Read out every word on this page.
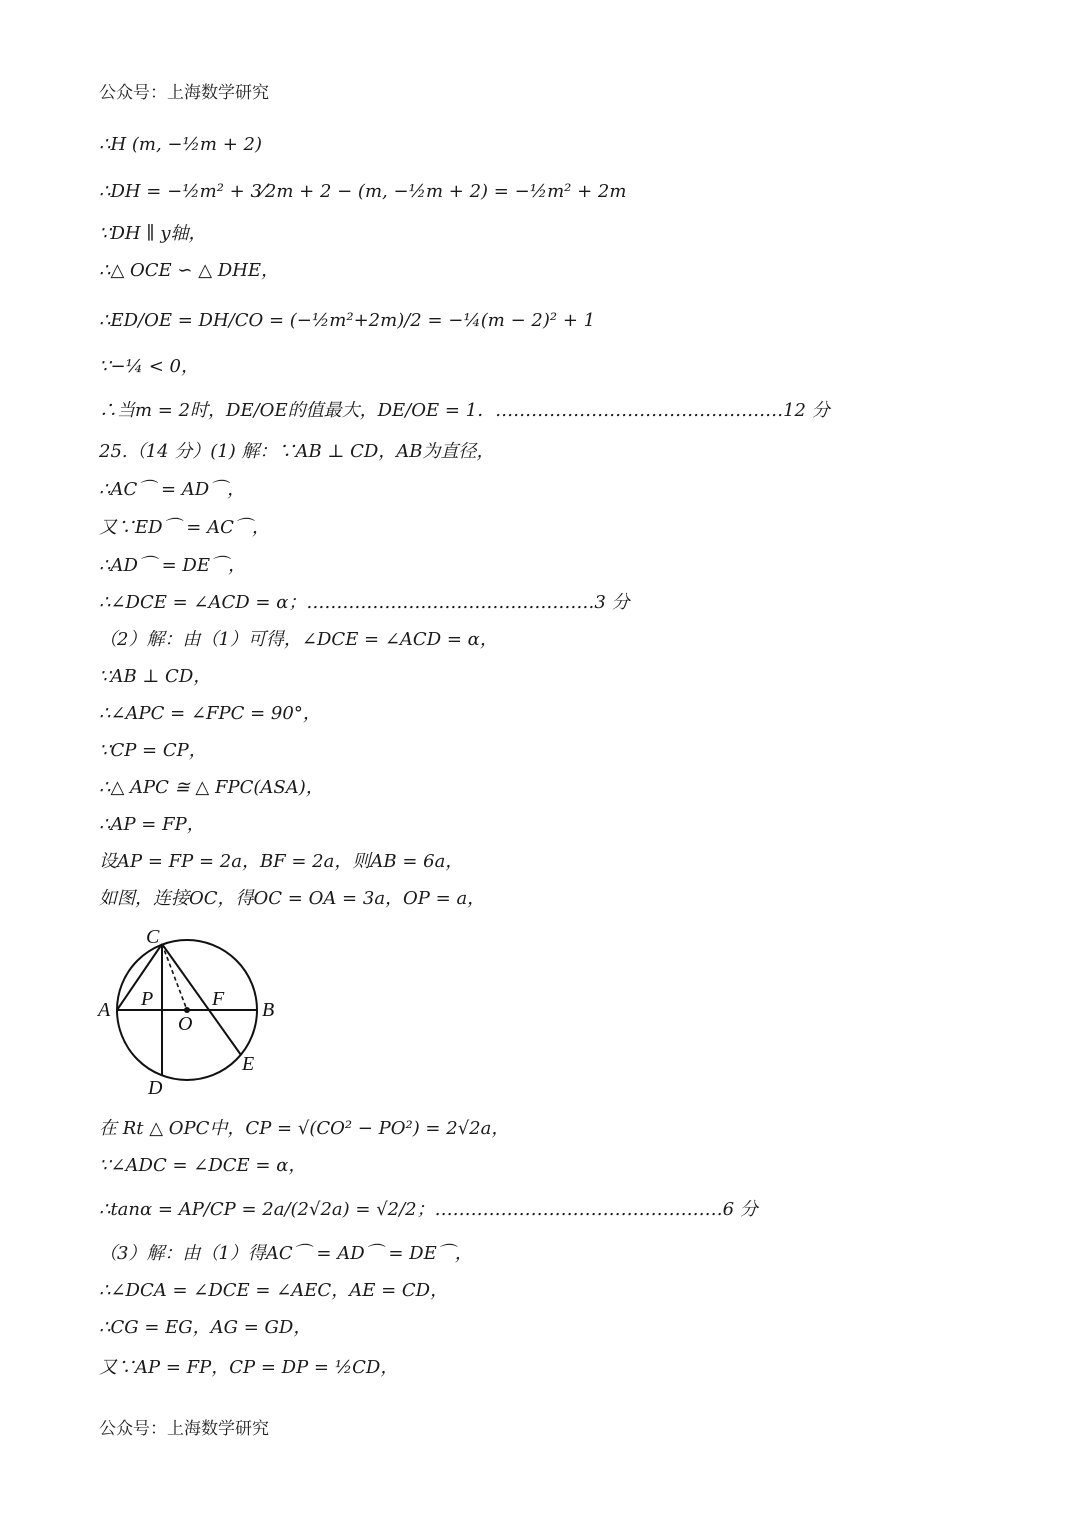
公众号：上海数学研究
∴H (m, −½m + 2)
∴DH = −½m² + 3⁄2m + 2 − (m, −½m + 2) = −½m² + 2m
∵DH ∥ y轴，
∴△ OCE ∽ △ DHE，
∴ED/OE = DH/CO = (−½m²+2m)/2 = −¼(m − 2)² + 1
∵−¼ < 0，
∴当m = 2时，DE/OE的值最大，DE/OE = 1．…………………………………………12 分
25.（14 分）(1) 解：∵AB ⊥ CD，AB为直径，
∴AC⌒ = AD⌒，
又∵ED⌒ = AC⌒，
∴AD⌒ = DE⌒，
∴∠DCE = ∠ACD = α；…………………………………………3 分
（2）解：由（1）可得，∠DCE = ∠ACD = α，
∵AB ⊥ CD，
∴∠APC = ∠FPC = 90°，
∵CP = CP，
∴△ APC ≅ △ FPC(ASA)，
∴AP = FP，
设AP = FP = 2a，BF = 2a，则AB = 6a，
如图，连接OC，得OC = OA = 3a，OP = a，
C
P	F
A
O
B
E
D
在 Rt △ OPC中，CP = √(CO² − PO²) = 2√2a，
∵∠ADC = ∠DCE = α，
∴tanα = AP/CP = 2a/(2√2a) = √2/2；…………………………………………6 分
（3）解：由（1）得AC⌒ = AD⌒ = DE⌒，
∴∠DCA = ∠DCE = ∠AEC，AE = CD，
∴CG = EG，AG = GD，
又∵AP = FP，CP = DP = ½CD，
公众号：上海数学研究
